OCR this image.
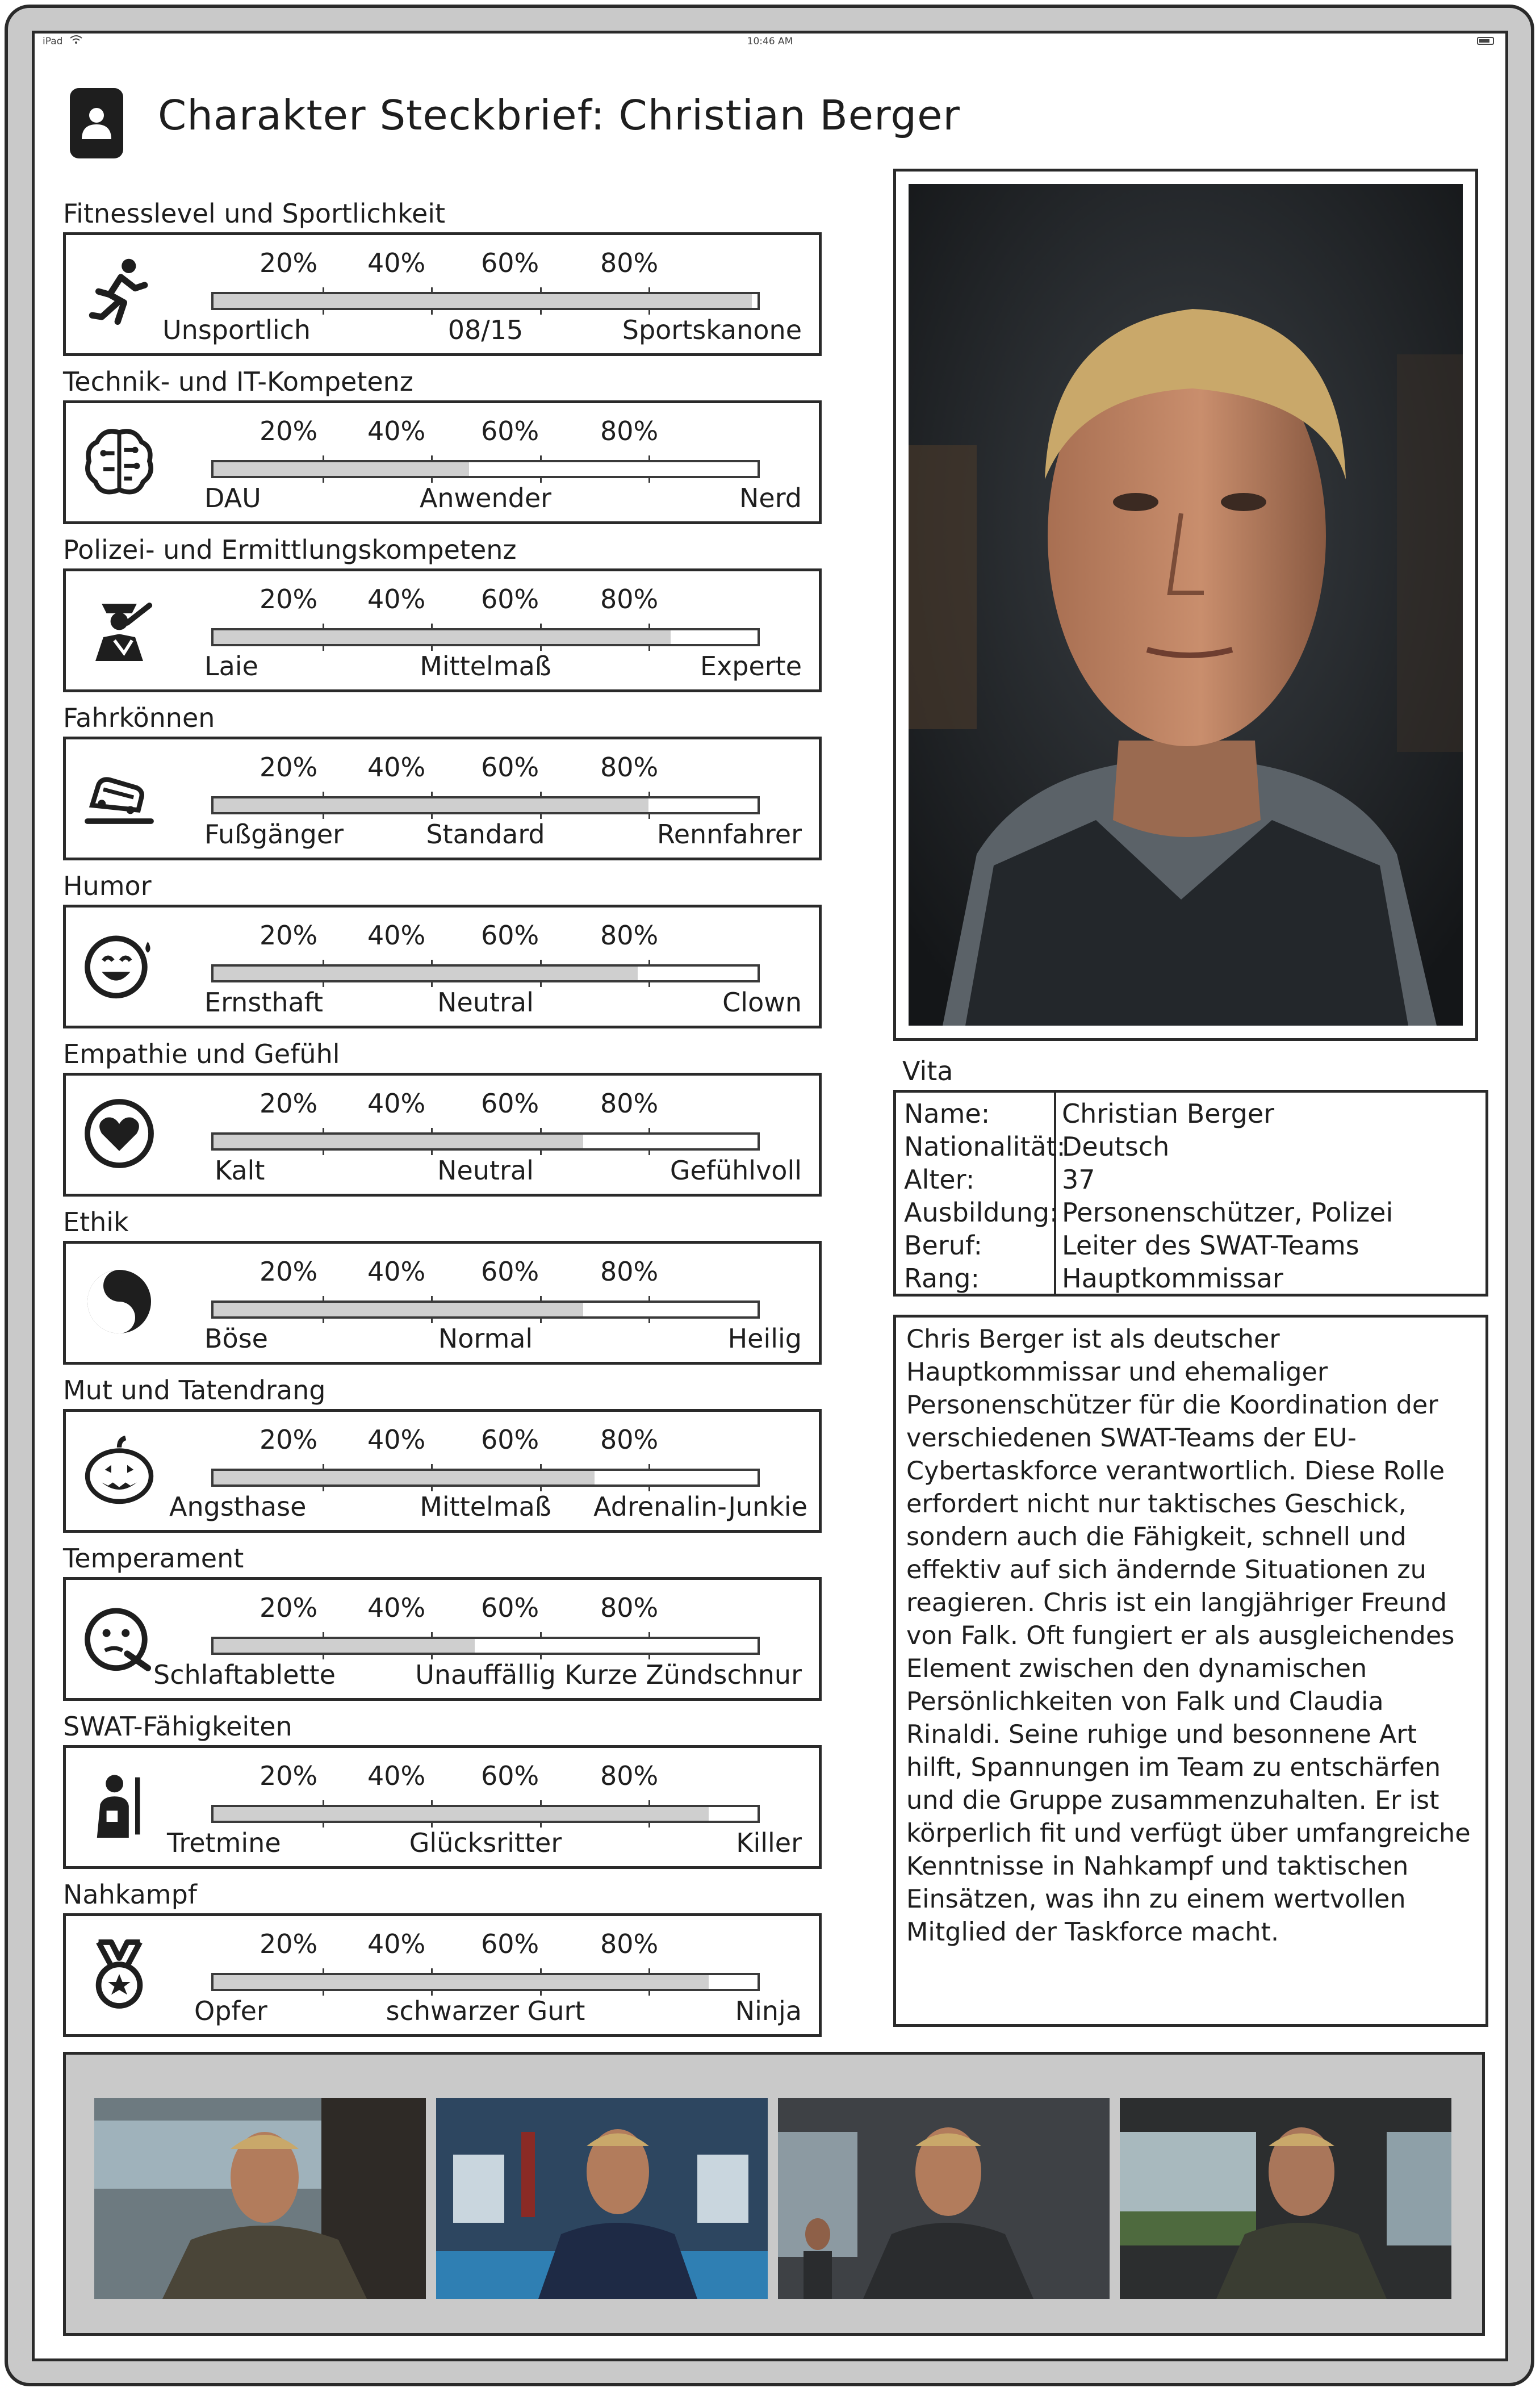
iPad	10:46 AM
Charakter Steckbrief: Christian Berger
Fitnesslevel und Sportlichkeit
20% 40% 60% 80%
Unsportlich	08/15	Sportskanone
Technik- und IT-Kompetenz
20% 40% 60% 80%
DAU	Anwender	Nerd
Polizei- und Ermittlungskompetenz
20% 40% 60% 80%
Laie	Mittelmaß	Experte
Fahrkönnen
20% 40% 60% 80%
Fußgänger	Standard	Rennfahrer
Humor
20% 40% 60% 80%
Ernsthaft	Neutral	Clown
Empathie und Gefühl
20% 40% 60% 80%
Kalt	Neutral	Gefühlvoll
Ethik
20% 40% 60% 80%
Böse	Normal	Heilig
Mut und Tatendrang
20% 40% 60% 80%
Angsthase	Mittelmaß Adrenalin-Junkie
Temperament
20% 40% 60% 80%
Schlaftablette	Unauffällig Kurze Zündschnur
SWAT-Fähigkeiten
20% 40% 60% 80%
Tretmine	Glücksritter	Killer
Nahkampf
20% 40% 60% 80%
Opfer	schwarzer Gurt	Ninja
Vita
Name:	Christian Berger
Nationalität:
Deutsch
Alter:	37
Ausbildung: Personenschützer, Polizei
Beruf:	Leiter des SWAT-Teams
Rang:	Hauptkommissar

Chris Berger ist als deutscher Hauptkommissar und ehemaliger Personenschützer für die Koordination der verschiedenen SWAT-Teams der EU-Cybertaskforce verantwortlich. Diese Rolle erfordert nicht nur taktisches Geschick, sondern auch die Fähigkeit, schnell und effektiv auf sich ändernde Situationen zu reagieren. Chris ist ein langjähriger Freund von Falk. Oft fungiert er als ausgleichendes Element zwischen den dynamischen Persönlichkeiten von Falk und Claudia Rinaldi. Seine ruhige und besonnene Art hilft, Spannungen im Team zu entschärfen und die Gruppe zusammenzuhalten. Er ist körperlich fit und verfügt über umfangreiche Kenntnisse in Nahkampf und taktischen Einsätzen, was ihn zu einem wertvollen Mitglied der Taskforce macht.
